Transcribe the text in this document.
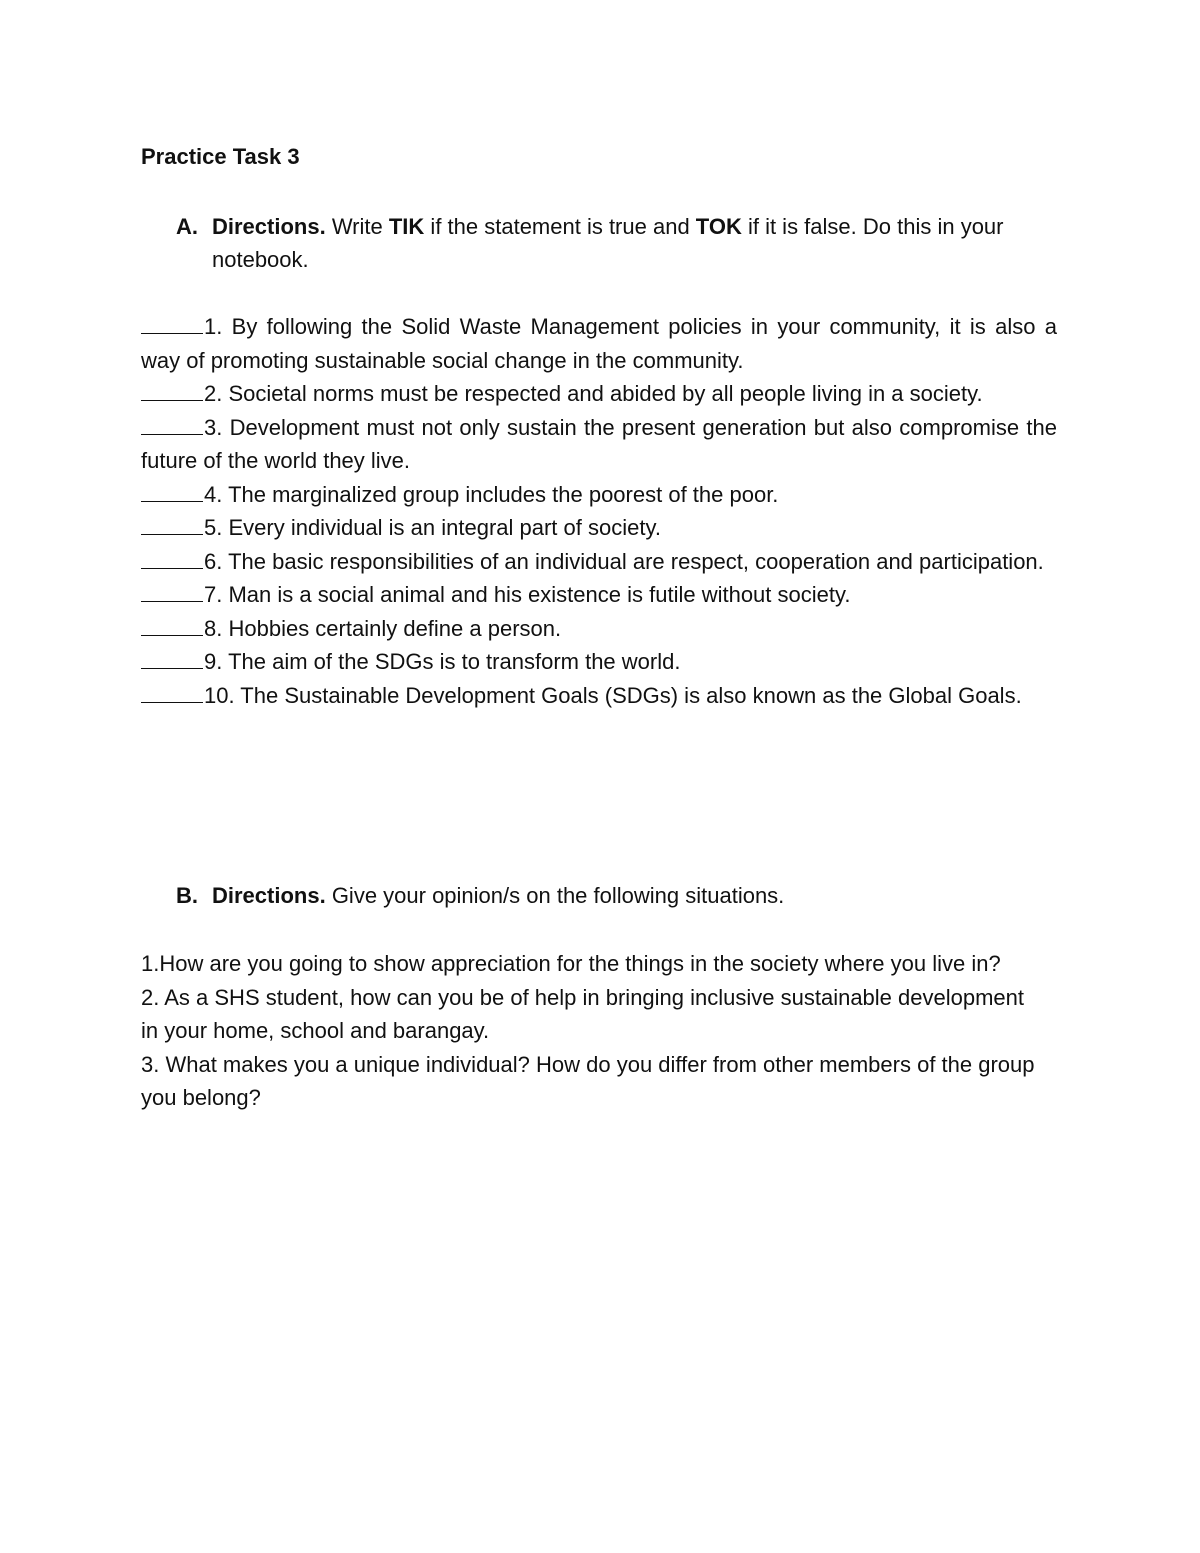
Practice Task 3
A. Directions. Write TIK if the statement is true and TOK if it is false. Do this in your notebook.

1. By following the Solid Waste Management policies in your community, it is also a way of promoting sustainable social change in the community.

2. Societal norms must be respected and abided by all people living in a society.

3. Development must not only sustain the present generation but also compromise the future of the world they live.

4. The marginalized group includes the poorest of the poor.

5. Every individual is an integral part of society.

6. The basic responsibilities of an individual are respect, cooperation and participation.

7. Man is a social animal and his existence is futile without society.

8. Hobbies certainly define a person.

9. The aim of the SDGs is to transform the world.

10. The Sustainable Development Goals (SDGs) is also known as the Global Goals.

B. Directions. Give your opinion/s on the following situations.

1.How are you going to show appreciation for the things in the society where you live in?

2. As a SHS student, how can you be of help in bringing inclusive sustainable development in your home, school and barangay.

3. What makes you a unique individual? How do you differ from other members of the group you belong?
